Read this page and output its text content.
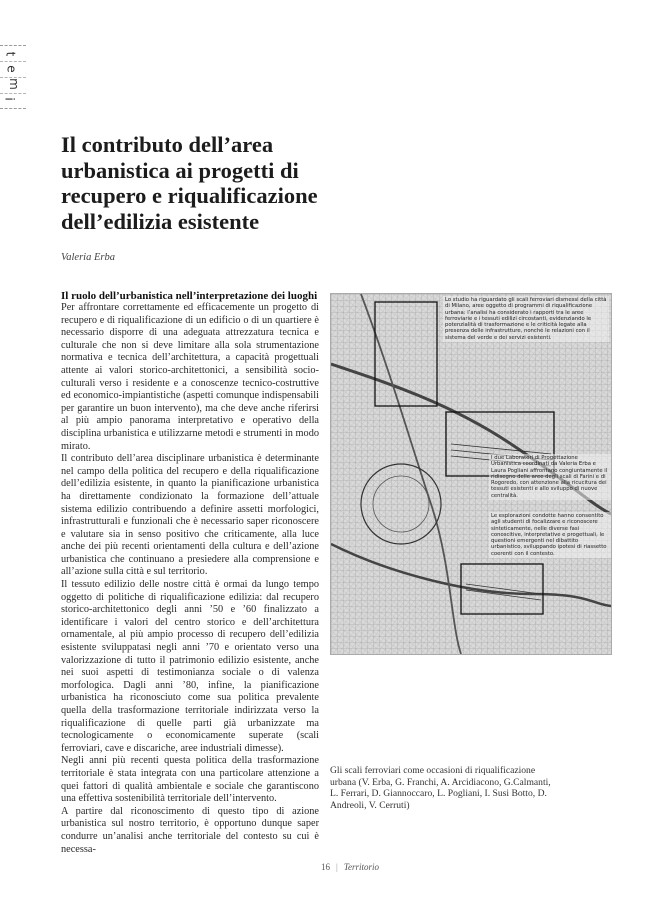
t
e
m
i
Il contributo dell’area urbanistica ai progetti di recupero e riqualificazione dell’edilizia esistente
Valeria Erba

Il ruolo dell’urbanistica nell’interpretazione dei luoghi

Per affrontare correttamente ed efficacemente un progetto di recupero e di riqualificazione di un edificio o di un quartiere è necessario disporre di una adeguata attrezzatura tecnica e culturale che non si deve limitare alla sola strumentazione normativa e tecnica dell’architettura, a capacità progettuali attente ai valori storico-architettonici, a sensibilità socio-culturali verso i residente e a conoscenze tecnico-costruttive ed economico-impiantistiche (aspetti comunque indispensabili per garantire un buon intervento), ma che deve anche riferirsi al più ampio panorama interpretativo e operativo della disciplina urbanistica e utilizzarne metodi e strumenti in modo mirato.

Il contributo dell’area disciplinare urbanistica è determinante nel campo della politica del recupero e della riqualificazione dell’edilizia esistente, in quanto la pianificazione urbanistica ha direttamente condizionato la formazione dell’attuale sistema edilizio contribuendo a definire assetti morfologici, infrastrutturali e funzionali che è necessario saper riconoscere e valutare sia in senso positivo che criticamente, alla luce anche dei più recenti orientamenti della cultura e dell’azione urbanistica che continuano a presiedere alla comprensione e all’azione sulla città e sul territorio.

Il tessuto edilizio delle nostre città è ormai da lungo tempo oggetto di politiche di riqualificazione edilizia: dal recupero storico-architettonico degli anni ’50 e ’60 finalizzato a identificare i valori del centro storico e dell’architettura ornamentale, al più ampio processo di recupero dell’edilizia esistente sviluppatasi negli anni ’70 e orientato verso una valorizzazione di tutto il patrimonio edilizio esistente, anche nei suoi aspetti di testimonianza sociale o di valenza morfologica. Dagli anni ’80, infine, la pianificazione urbanistica ha riconosciuto come sua politica prevalente quella della trasformazione territoriale indirizzata verso la riqualificazione di quelle parti già urbanizzate ma tecnologicamente o economicamente superate (scali ferroviari, cave e discariche, aree industriali dimesse).

Negli anni più recenti questa politica della trasformazione territoriale è stata integrata con una particolare attenzione a quei fattori di qualità ambientale e sociale che garantiscono una effettiva sostenibilità territoriale dell’intervento.

A partire dal riconoscimento di questo tipo di azione urbanistica sul nostro territorio, è opportuno dunque saper condurre un’analisi anche territoriale del contesto su cui è necessa-

Lo studio ha riguardato gli scali ferroviari dismessi della città di Milano, aree oggetto di programmi di riqualificazione urbana: l’analisi ha considerato i rapporti tra le aree ferroviarie e i tessuti edilizi circostanti, evidenziando le potenzialità di trasformazione e le criticità legate alla presenza delle infrastrutture, nonché le relazioni con il sistema del verde e dei servizi esistenti.
I due Laboratori di Progettazione Urbanistica coordinati da Valeria Erba e Laura Pogliani affrontano congiuntamente il ridisegno delle aree degli scali di Farini e di Rogoredo, con attenzione alla ricucitura dei tessuti esistenti e allo sviluppo di nuove centralità.
Le esplorazioni condotte hanno consentito agli studenti di focalizzare e riconoscere sinteticamente, nelle diverse fasi conoscitive, interpretative e progettuali, le questioni emergenti nel dibattito urbanistico, sviluppando ipotesi di riassetto coerenti con il contesto.
Gli scali ferroviari come occasioni di riqualificazione urbana (V. Erba, G. Franchi, A. Arcidiacono, G.Calmanti, L. Ferrari, D. Giannoccaro, L. Pogliani, I. Susi Botto, D. Andreoli, V. Cerruti)
16 | Territorio
